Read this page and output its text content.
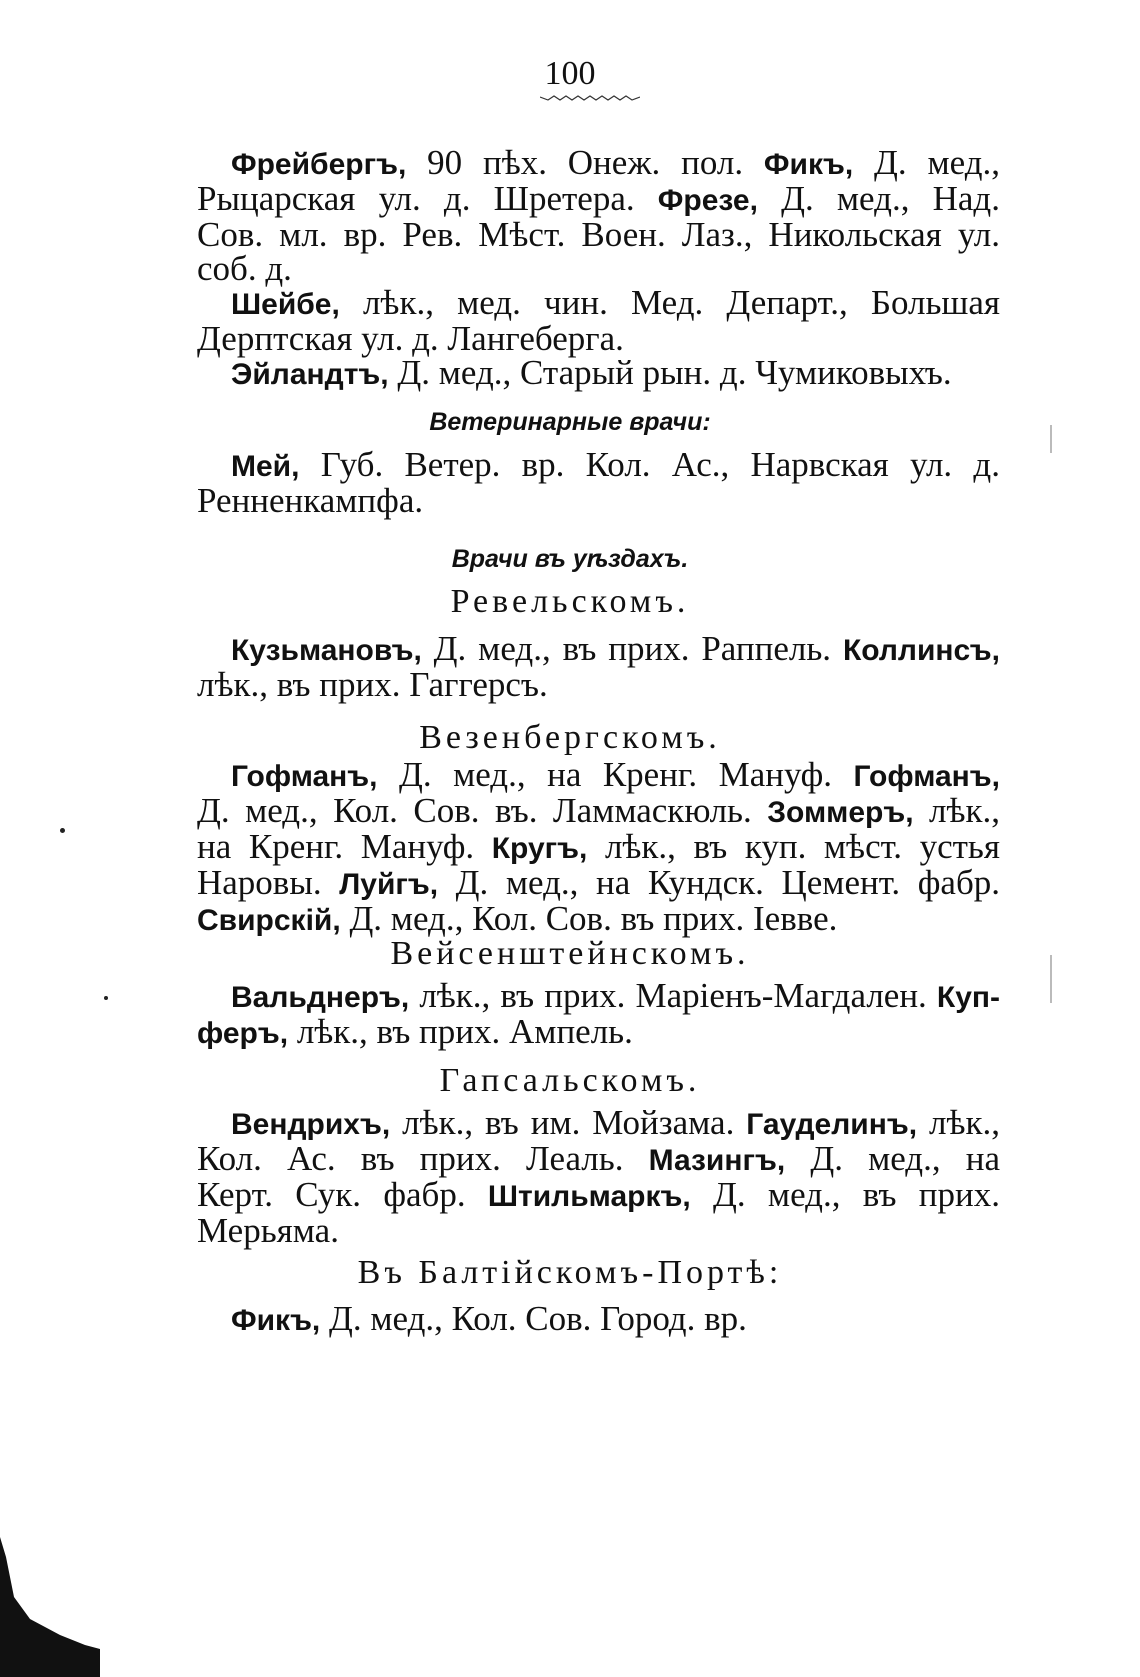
100
Фрейбергъ, 90 пѣх. Онеж. пол. Фикъ, Д. мед.,
Рыцарская ул. д. Шретера. Фрезе, Д. мед., Над.
Сов. мл. вр. Рев. Мѣст. Воен. Лаз., Никольская ул.
соб. д.
Шейбе, лѣк., мед. чин. Мед. Департ., Большая
Дерптская ул. д. Лангеберга.
Эйландтъ, Д. мед., Старый рын. д. Чумиковыхъ.
Ветеринарные врачи:
Мей, Губ. Ветер. вр. Кол. Ас., Нарвская ул. д.
Ренненкампфа.
Врачи въ уѣздахъ.
Ревельскомъ.
Кузьмановъ, Д. мед., въ прих. Раппель. Коллинсъ,
лѣк., въ прих. Гаггерсъ.
Везенбергскомъ.
Гофманъ, Д. мед., на Кренг. Мануф. Гофманъ,
Д. мед., Кол. Сов. въ. Ламмаскюль. Зоммеръ, лѣк.,
на Кренг. Мануф. Кругъ, лѣк., въ куп. мѣст. устья
Наровы. Луйгъ, Д. мед., на Кундск. Цемент. фабр.
Свирскій, Д. мед., Кол. Сов. въ прих. Іевве.
Вейсенштейнскомъ.
Вальднеръ, лѣк., въ прих. Маріенъ-Магдален. Куп-
феръ, лѣк., въ прих. Ампель.
Гапсальскомъ.
Вендрихъ, лѣк., въ им. Мойзама. Гауделинъ, лѣк.,
Кол. Ас. въ прих. Леаль. Мазингъ, Д. мед., на
Керт. Сук. фабр. Штильмаркъ, Д. мед., въ прих.
Мерьяма.
Въ Балтійскомъ-Портѣ:
Фикъ, Д. мед., Кол. Сов. Город. вр.
